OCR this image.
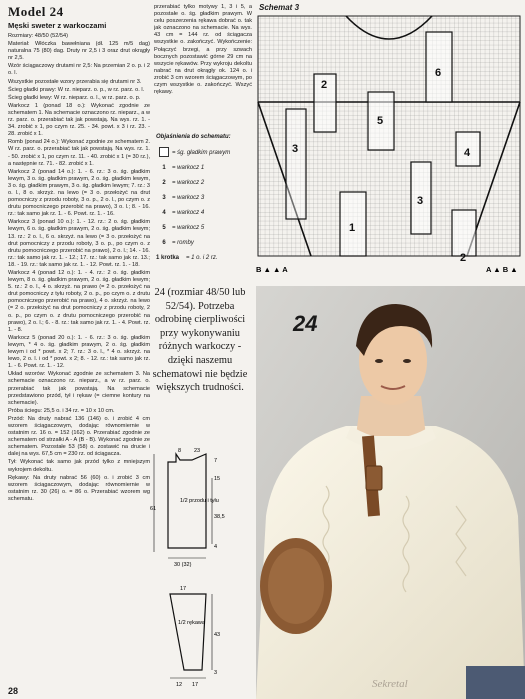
Model 24
Męski sweter z warkoczami

Rozmiary: 48/50 (52/54)

Materiał: Włóczka bawełniana (dł. 125 m/5 dag) naturalna 75 (80) dag. Druty nr 2,5 i 3 oraz drut okrągły nr 2,5.

Wzór ściągaczowy drutami nr 2,5: Na przemian 2 o. p. i 2 o. l.

Wszystkie pozostałe wzory przerabia się drutami nr 3.

Ścieg gładki prawy: W rz. nieparz. o. p., w rz. parz. o. l.

Ścieg gładki lewy: W rz. nieparz. o. l., w rz. parz. o. p.

Warkocz 1 (ponad 18 o.): Wykonać zgodnie ze schematem 1. Na schemacie oznaczono rz. nieparz., a w rz. parz. o. przerabiać tak jak powstają. Na wys. rz. 1. - 34. zrobić x 1, po czym rz. 25. - 34. powt. x 3 i rz. 23. - 28. zrobić x 1.

Romb (ponad 24 o.): Wykonać zgodnie ze schematem 2. W rz. parz. o. przerabiać tak jak powstają. Na wys. rz. 1. - 50. zrobić x 1, po czym rz. 11. - 40. zrobić x 1 (= 30 rz.), a następnie rz. 71. - 82. zrobić x 1.

Warkocz 2 (ponad 14 o.): 1. - 6. rz.: 3 o. śg. gładkim lewym, 3 o. śg. gładkim prawym, 2 o. śg. gładkim lewym, 3 o. śg. gładkim prawym, 3 o. śg. gładkim lewym; 7. rz.: 3 o. l., 8 o. skrzyż. na lewo (= 3 o. przełożyć na drut pomocniczy z przodu roboty, 3 o. p., 2 o. l., po czym o. z drutu pomocniczego przerobić na prawo), 3 o. l.; 8. - 16. rz.: tak samo jak rz. 1. - 6. Powt. rz. 1. - 16.

Warkocz 3 (ponad 10 o.): 1. - 12. rz.: 2 o. śg. gładkim lewym, 6 o. śg. gładkim prawym, 2 o. śg. gładkim lewym; 13. rz.: 2 o. l., 6 o. skrzyż. na lewo (= 3 o. przełożyć na drut pomocniczy z przodu roboty, 3 o. p., po czym o. z drutu pomocniczego przerobić na prawo), 2 o. l.; 14. - 16. rz.: tak samo jak rz. 1. - 12.; 17. rz.: tak samo jak rz. 13.; 18. - 19. rz.: tak samo jak rz. 1. - 12. Powt. rz. 1. - 18.

Warkocz 4 (ponad 12 o.): 1. - 4. rz.: 2 o. śg. gładkim lewym, 8 o. śg. gładkim prawym, 2 o. śg. gładkim lewym; 5. rz.: 2 o. l., 4 o. skrzyż. na prawo (= 2 o. przełożyć na drut pomocniczy z tyłu roboty, 2 o. p., po czym o. z drutu pomocniczego przerobić na prawo), 4 o. skrzyż. na lewo (= 2 o. przełożyć na drut pomocniczy z przodu roboty, 2 o. p., po czym o. z drutu pomocniczego przerobić na prawo), 2 o. l.; 6. - 8. rz.: tak samo jak rz. 1. - 4. Powt. rz. 1. - 8.

Warkocz 5 (ponad 20 o.): 1. - 6. rz.: 3 o. śg. gładkim lewym, * 4 o. śg. gładkim prawym, 2 o. śg. gładkim lewym i od * powt. x 2; 7. rz.: 3 o. l., * 4 o. skrzyż. na lewo, 2 o. l. i od * powt. x 2; 8. - 12. rz.: tak samo jak rz. 1. - 6. Powt. rz. 1. - 12.

Układ wzorów: Wykonać zgodnie ze schematem 3. Na schemacie oznaczono rz. nieparz., a w rz. parz. o. przerabiać tak jak powstają. Na schemacie przedstawiono przód, tył i rękaw (= ciemne kontury na schemacie).

Próba ściegu: 25,5 o. i 34 rz. = 10 x 10 cm.

Przód: Na druty nabrać 136 (146) o. i zrobić 4 cm wzorem ściągaczowym, dodając równomiernie w ostatnim rz. 16 o. = 152 (162) o. Przerabiać zgodnie ze schematem od strzałki A - A (B - B). Wykonać zgodnie ze schematem. Pozostałe 53 (58) o. zostawić na drucie i dalej na wys. 67,5 cm = 230 rz. od ściągacza.

Tył: Wykonać tak samo jak przód tylko z mniejszym wykrojem dekoltu.

Rękawy: Na druty nabrać 56 (60) o. i zrobić 3 cm wzorem ściągaczowym, dodając równomiernie w ostatnim rz. 30 (26) o. = 86 o. Przerabiać wzorem wg schematu.

28
przerabiać tylko motywy 1, 3 i 5, a pozostałe o. śg. gładkim prawym. W celu poszerzenia rękawa dobrać o. tak jak oznaczono na schemacie. Na wys. 43 cm = 144 rz. od ściągacza wszystkie o. zakończyć. Wykończenie: Połączyć brzegi, a przy szwach bocznych pozostawić górne 29 cm na wszycie rękawów. Przy wykroju dekoltu nabrać na drut okrągły ok. 124 o. i zrobić 3 cm wzorem ściągaczowym, po czym wszystkie o. zakończyć. Wszyć rękawy.
Schemat 3
2
3
5
6
4
3
1
2
B ▲ ▲ A	A ▲ B ▲
Objaśnienia do schematu:
= śg. gładkim prawym
1	= warkocz 1
2	= warkocz 2
3	= warkocz 3
4	= warkocz 4
5	= warkocz 5
6	= romby
1 krotka	= 1 o. i 2 rz.
24 (rozmiar 48/50 lub 52/54). Potrzeba odrobinę cierpliwości przy wykonywaniu różnych warkoczy - dzięki naszemu schematowi nie będzie większych trudności.
1/2 przodu i tyłu
61
7
15
38,5
4
30 (32)
8 23
1/2 rękawa
43
3
17
12 17
24
Sekretal
